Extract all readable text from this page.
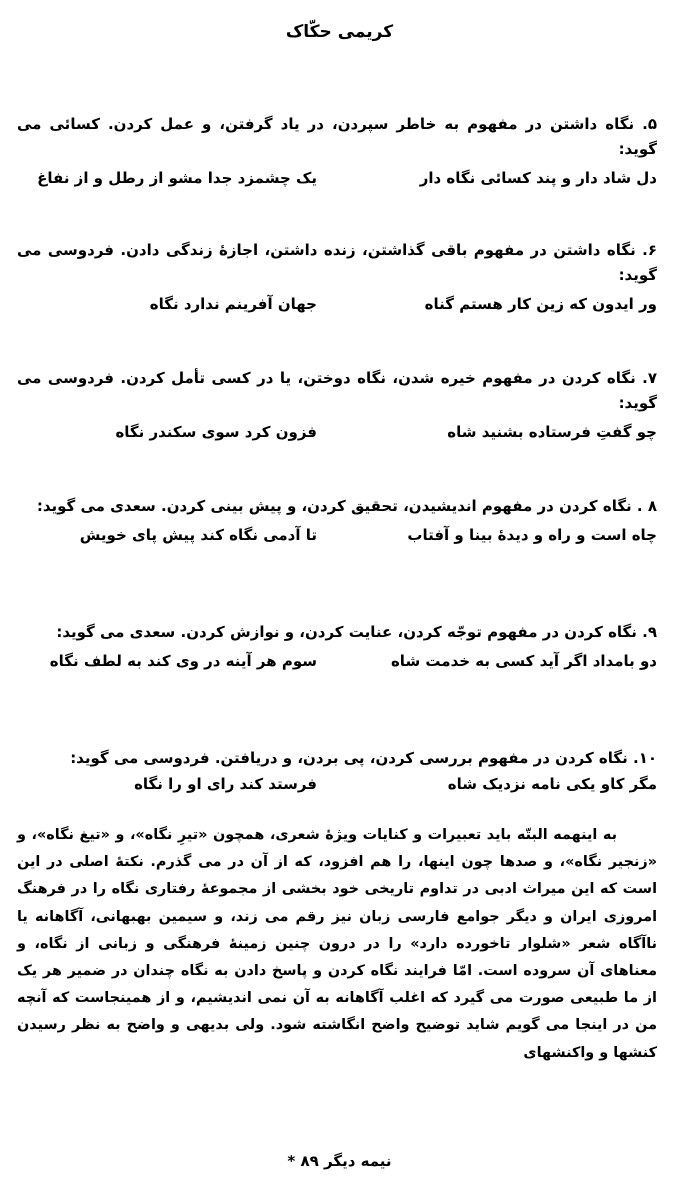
کریمی حکّاک
۵. نگاه داشتن در مفهوم به خاطر سپردن، در یاد گرفتن، و عمل کردن. کسائی می گوید:
دل شاد دار و پند کسائی نگاه دار
یک چشمزد جدا مشو از رطل و از نفاغ
۶. نگاه داشتن در مفهوم باقی گذاشتن، زنده داشتن، اجازهٔ زندگی دادن. فردوسی می گوید:
ور ایدون که زین کار هستم گناه
جهان آفرینم ندارد نگاه
۷. نگاه کردن در مفهوم خیره شدن، نگاه دوختن، یا در کسی تأمل کردن. فردوسی می گوید:
چو گفتِ فرستاده بشنید شاه
فزون کرد سوی سکندر نگاه
۸ . نگاه کردن در مفهوم اندیشیدن، تحقیق کردن، و پیش بینی کردن. سعدی می گوید:
چاه است و راه و دیدهٔ بینا و آفتاب
تا آدمی نگاه کند پیش پای خویش
۹. نگاه کردن در مفهوم توجّه کردن، عنایت کردن، و نوازش کردن. سعدی می گوید:
دو بامداد اگر آید کسی به خدمت شاه
سوم هر آینه در وی کند به لطف نگاه
۱۰. نگاه کردن در مفهوم بررسی کردن، پی بردن، و دریافتن. فردوسی می گوید:
مگر کاو یکی نامه نزدیک شاه
فرستد کند رای او را نگاه
به اینهمه البتّه باید تعبیرات و کنایات ویژهٔ شعری، همچون «تیرِ نگاه»، و «تیغ نگاه»، و «زنجیر نگاه»، و صدها چون اینها، را هم افزود، که از آن در می گذرم. نکتهٔ اصلی در این است که این میراث ادبی در تداوم تاریخی خود بخشی از مجموعهٔ رفتاری نگاه را در فرهنگ امروزی ایران و دیگر جوامع فارسی زبان نیز رقم می زند، و سیمین بهبهانی، آگاهانه یا ناآگاه شعر «شلوار تاخورده دارد» را در درون چنین زمینهٔ فرهنگی و زبانی از نگاه، و معناهای آن سروده است. امّا فرایند نگاه کردن و پاسخ دادن به نگاه چندان در ضمیر هر یک از ما طبیعی صورت می گیرد که اغلب آگاهانه به آن نمی اندیشیم، و از همینجاست که آنچه من در اینجا می گویم شاید توضیح واضح انگاشته شود. ولی بدیهی و واضح به نظر رسیدن کنشها و واکنشهای
نیمه دیگر ۸۹ *
